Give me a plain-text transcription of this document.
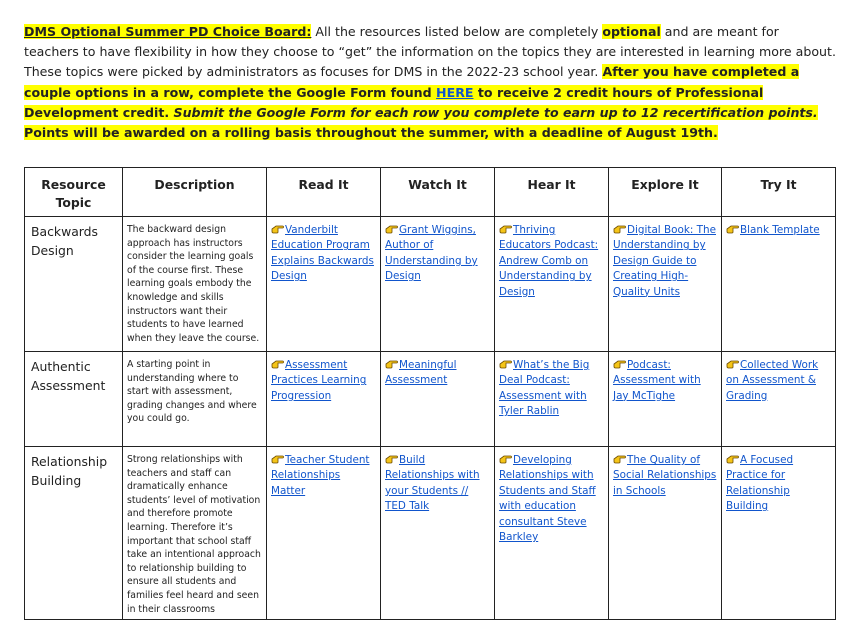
DMS Optional Summer PD Choice Board: All the resources listed below are completely optional and are meant for teachers to have flexibility in how they choose to “get” the information on the topics they are interested in learning more about. These topics were picked by administrators as focuses for DMS in the 2022-23 school year. After you have completed a couple options in a row, complete the Google Form found HERE to receive 2 credit hours of Professional Development credit. Submit the Google Form for each row you complete to earn up to 12 recertification points. Points will be awarded on a rolling basis throughout the summer, with a deadline of August 19th.
Resource Topic	Description	Read It	Watch It	Hear It	Explore It	Try It
Backwards Design	The backward design approach has instructors consider the learning goals of the course first. These learning goals embody the knowledge and skills instructors want their students to have learned when they leave the course.	Vanderbilt Education Program Explains Backwards Design	Grant Wiggins, Author of Understanding by Design	Thriving Educators Podcast: Andrew Comb on Understanding by Design	Digital Book: The Understanding by Design Guide to Creating High-Quality Units	Blank Template
Authentic Assessment	A starting point in understanding where to start with assessment, grading changes and where you could go.	Assessment Practices Learning Progression	Meaningful Assessment	What’s the Big Deal Podcast: Assessment with Tyler Rablin	Podcast: Assessment with Jay McTighe	Collected Work on Assessment & Grading
Relationship Building	Strong relationships with teachers and staff can dramatically enhance students’ level of motivation and therefore promote learning. Therefore it’s important that school staff take an intentional approach to relationship building to ensure all students and families feel heard and seen in their classrooms	Teacher Student Relationships Matter	Build Relationships with your Students // TED Talk	Developing Relationships with Students and Staff with education consultant Steve Barkley	The Quality of Social Relationships in Schools	A Focused Practice for Relationship Building
